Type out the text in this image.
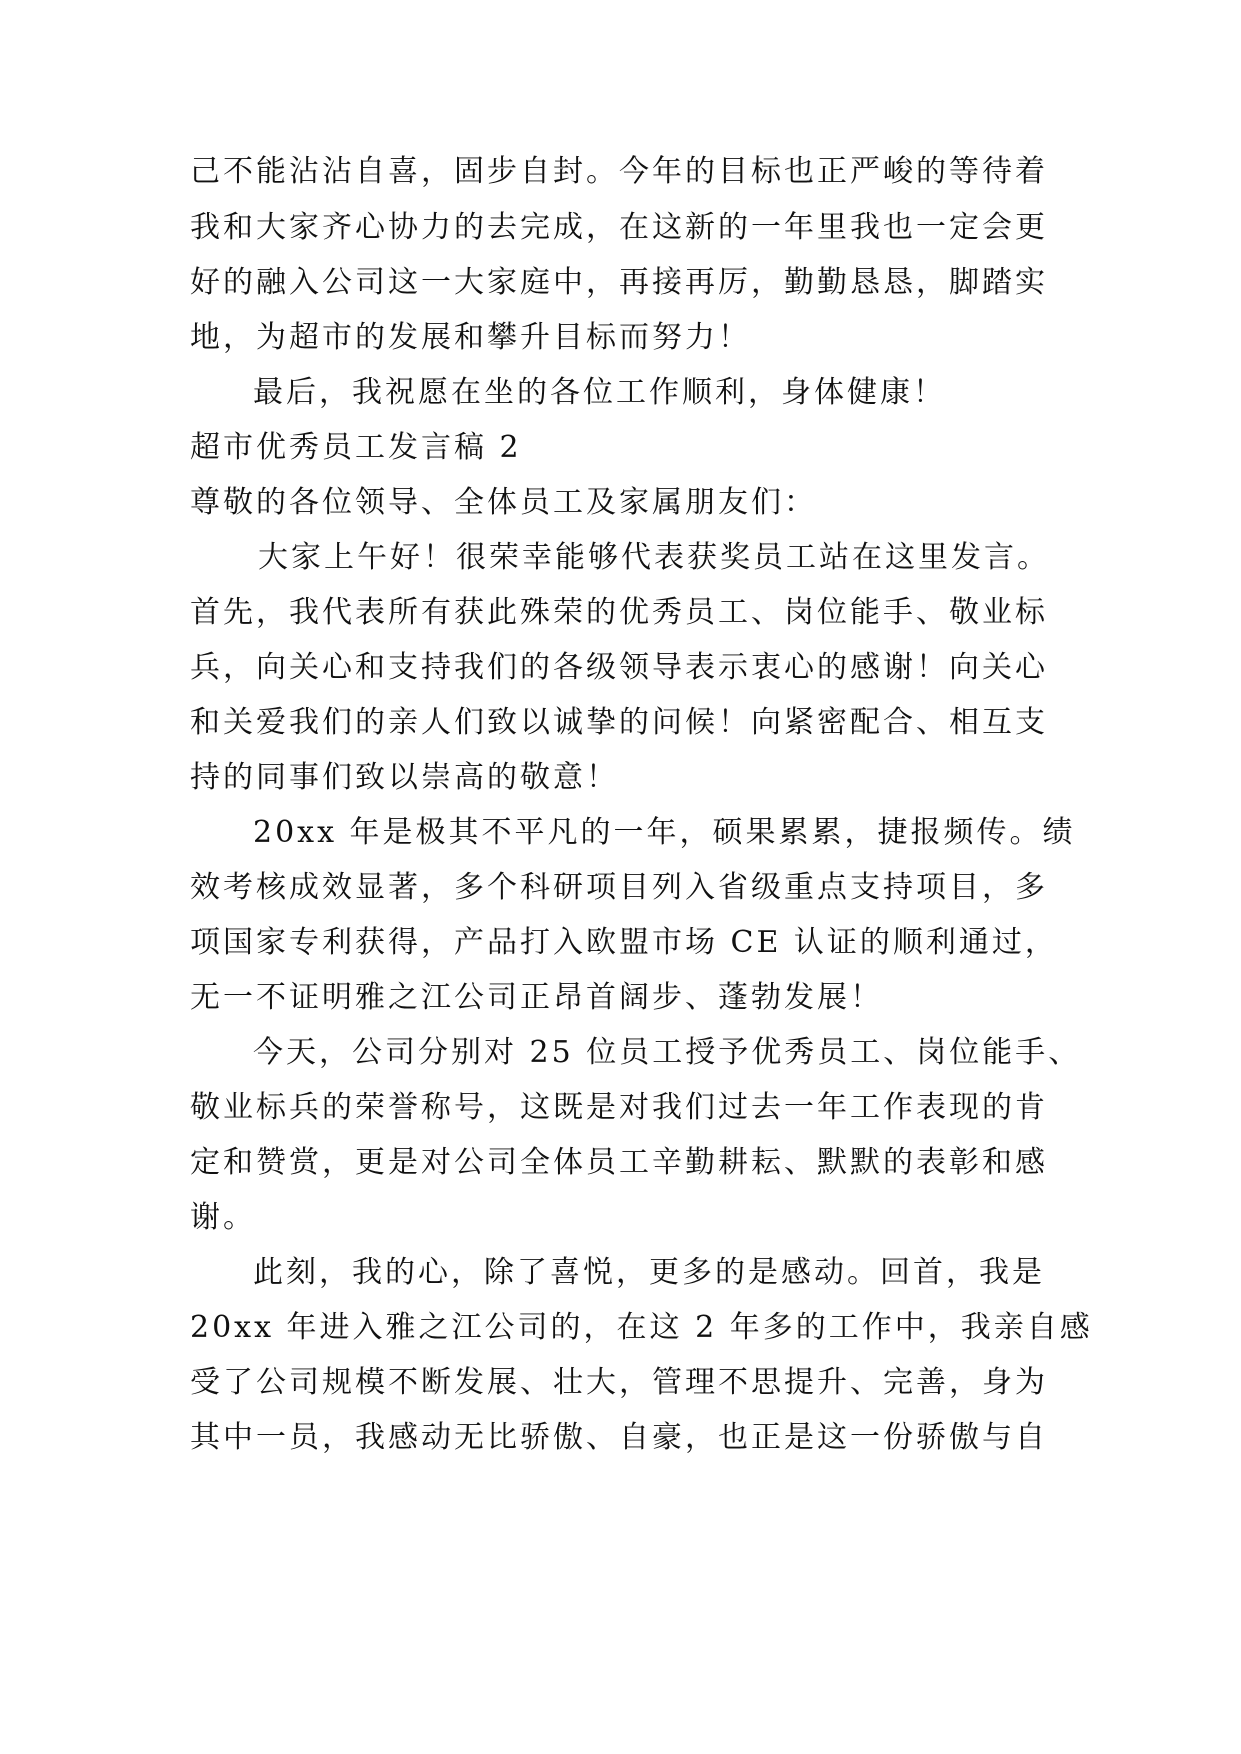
己不能沾沾自喜，固步自封。今年的目标也正严峻的等待着
我和大家齐心协力的去完成，在这新的一年里我也一定会更
好的融入公司这一大家庭中，再接再厉，勤勤恳恳，脚踏实
地，为超市的发展和攀升目标而努力！
最后，我祝愿在坐的各位工作顺利，身体健康！
超市优秀员工发言稿 2
尊敬的各位领导、全体员工及家属朋友们：
大家上午好！很荣幸能够代表获奖员工站在这里发言。
首先，我代表所有获此殊荣的优秀员工、岗位能手、敬业标
兵，向关心和支持我们的各级领导表示衷心的感谢！向关心
和关爱我们的亲人们致以诚挚的问候！向紧密配合、相互支
持的同事们致以崇高的敬意！
20xx 年是极其不平凡的一年，硕果累累，捷报频传。绩
效考核成效显著，多个科研项目列入省级重点支持项目，多
项国家专利获得，产品打入欧盟市场 CE 认证的顺利通过，
无一不证明雅之江公司正昂首阔步、蓬勃发展！
今天，公司分别对 25 位员工授予优秀员工、岗位能手、
敬业标兵的荣誉称号，这既是对我们过去一年工作表现的肯
定和赞赏，更是对公司全体员工辛勤耕耘、默默的表彰和感
谢。
此刻，我的心，除了喜悦，更多的是感动。回首，我是
20xx 年进入雅之江公司的，在这 2 年多的工作中，我亲自感
受了公司规模不断发展、壮大，管理不思提升、完善，身为
其中一员，我感动无比骄傲、自豪，也正是这一份骄傲与自
